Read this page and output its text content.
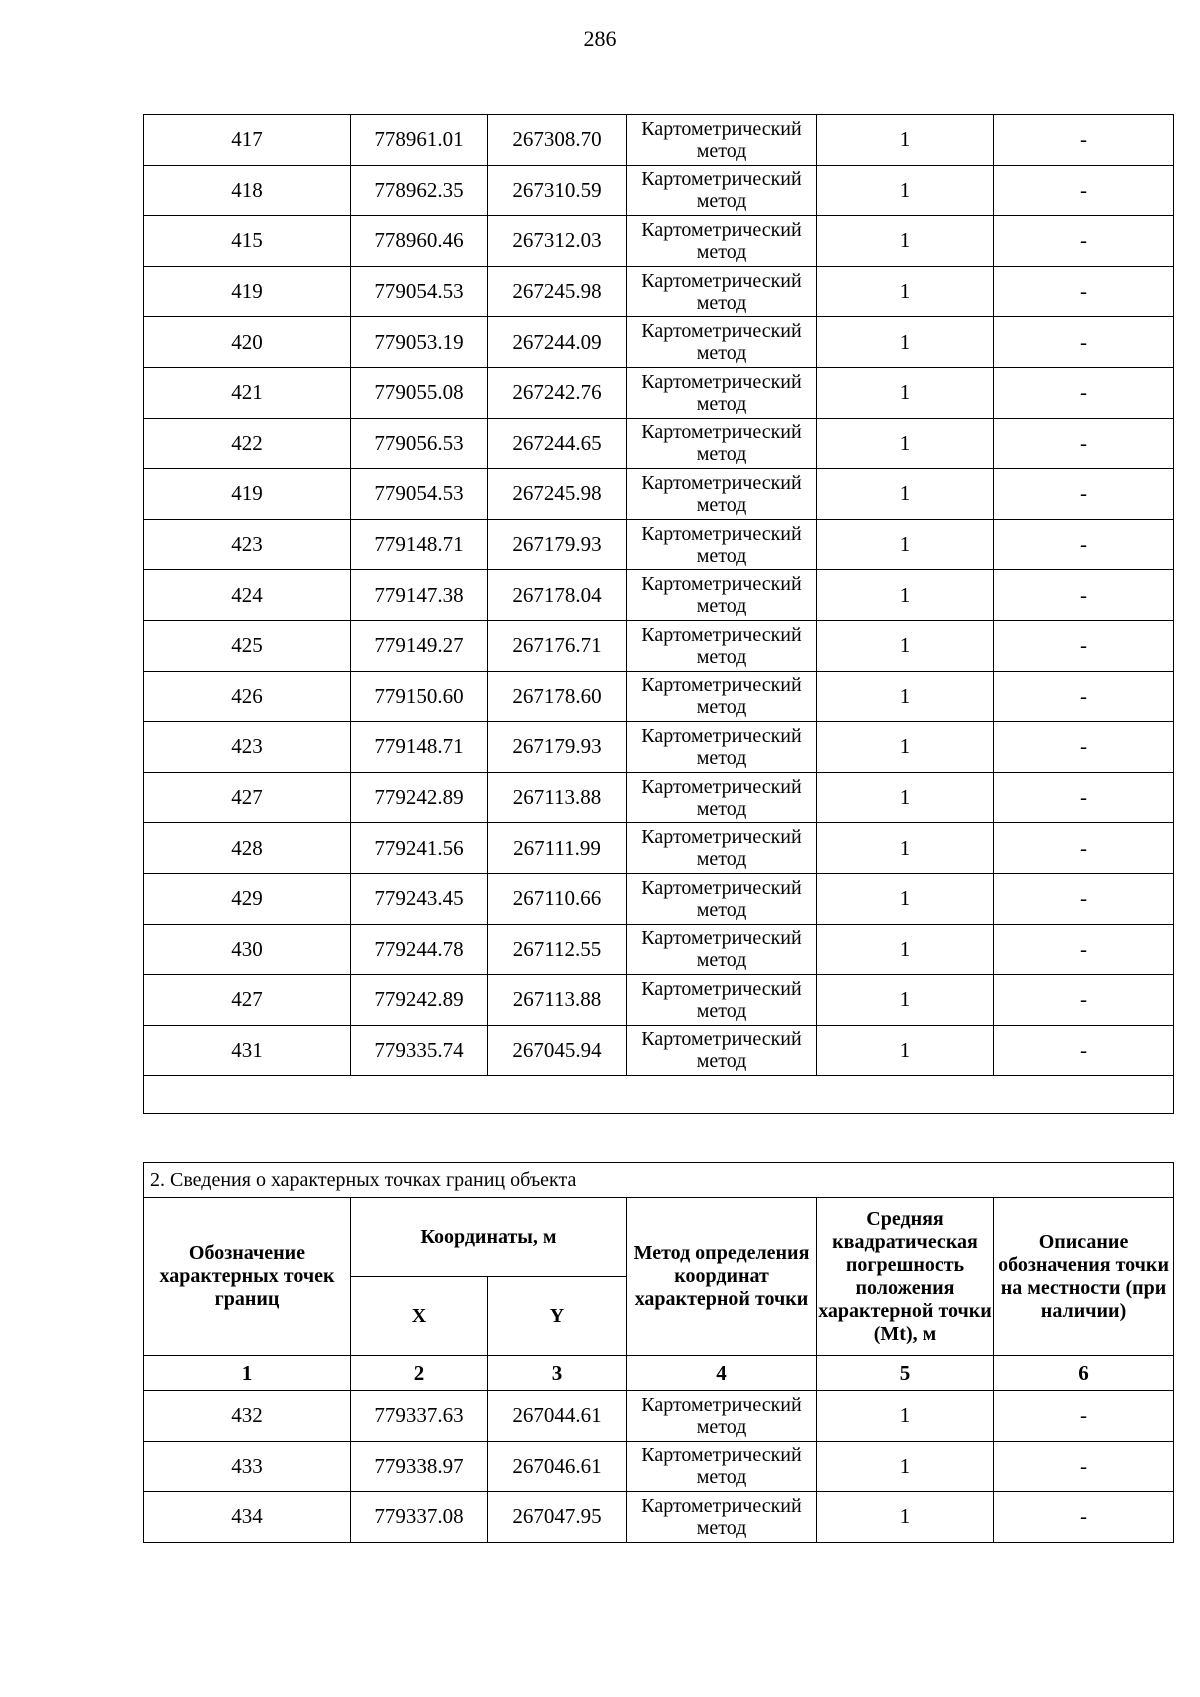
286
417	778961.01	267308.70	Картометрический метод	1	-
418	778962.35	267310.59	Картометрический метод	1	-
415	778960.46	267312.03	Картометрический метод	1	-
419	779054.53	267245.98	Картометрический метод	1	-
420	779053.19	267244.09	Картометрический метод	1	-
421	779055.08	267242.76	Картометрический метод	1	-
422	779056.53	267244.65	Картометрический метод	1	-
419	779054.53	267245.98	Картометрический метод	1	-
423	779148.71	267179.93	Картометрический метод	1	-
424	779147.38	267178.04	Картометрический метод	1	-
425	779149.27	267176.71	Картометрический метод	1	-
426	779150.60	267178.60	Картометрический метод	1	-
423	779148.71	267179.93	Картометрический метод	1	-
427	779242.89	267113.88	Картометрический метод	1	-
428	779241.56	267111.99	Картометрический метод	1	-
429	779243.45	267110.66	Картометрический метод	1	-
430	779244.78	267112.55	Картометрический метод	1	-
427	779242.89	267113.88	Картометрический метод	1	-
431	779335.74	267045.94	Картометрический метод	1	-

2. Сведения о характерных точках границ объекта					
Обозначение характерных точек границ	Координаты, м		Метод определения координат характерной точки	Средняя квадратическая погрешность положения характерной точки (Mt), м	Описание обозначения точки на местности (при наличии)
	X	Y			
1	2	3	4	5	6
432	779337.63	267044.61	Картометрический метод	1	-
433	779338.97	267046.61	Картометрический метод	1	-
434	779337.08	267047.95	Картометрический метод	1	-
